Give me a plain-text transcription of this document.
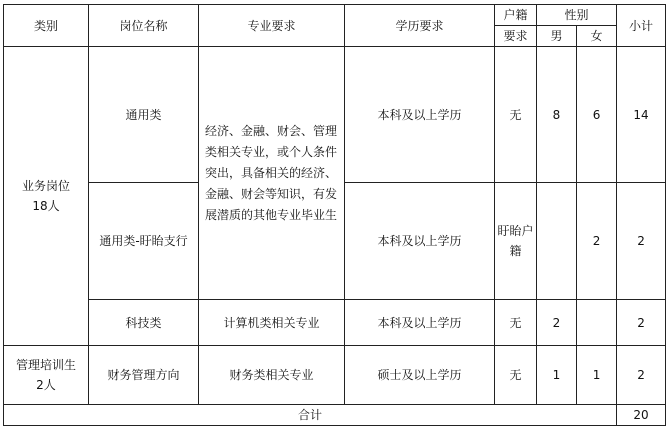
类别	岗位名称	专业要求	学历要求	户籍	性别		小计
				要求	男	女	

业务岗位
18人	通用类	经济、金融、财会、管理类相关专业，或个人条件突出，具备相关的经济、金融、财会等知识，有发展潜质的其他专业毕业生	本科及以上学历	无	8	6	14
	通用类-盱眙支行		本科及以上学历	盱眙户籍		2	2
	科技类	计算机类相关专业	本科及以上学历	无	2		2

管理培训生
2人	财务管理方向	财务类相关专业	硕士及以上学历	无	1	1	2
合计							20
